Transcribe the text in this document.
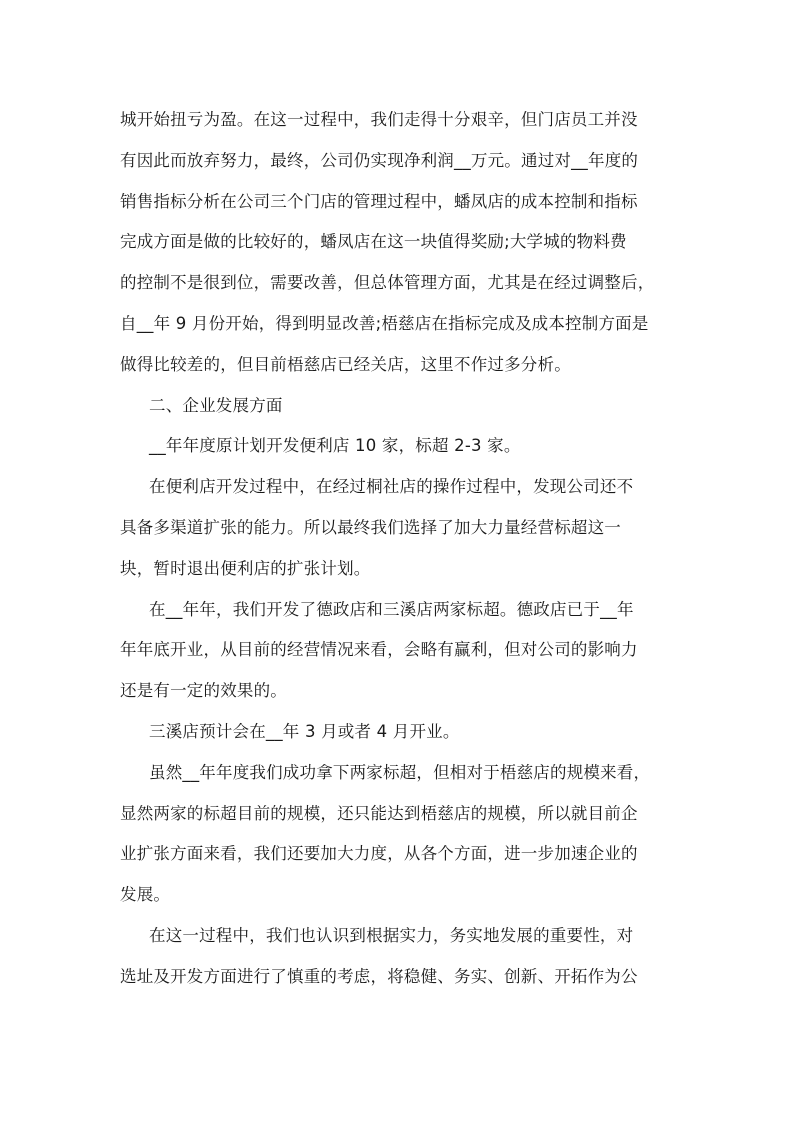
城开始扭亏为盈。在这一过程中，我们走得十分艰辛，但门店员工并没
有因此而放弃努力，最终，公司仍实现净利润__万元。通过对__年度的
销售指标分析在公司三个门店的管理过程中，蟠凤店的成本控制和指标
完成方面是做的比较好的，蟠凤店在这一块值得奖励;大学城的物料费
的控制不是很到位，需要改善，但总体管理方面，尤其是在经过调整后，
自__年 9 月份开始，得到明显改善;梧慈店在指标完成及成本控制方面是
做得比较差的，但目前梧慈店已经关店，这里不作过多分析。
二、企业发展方面
__年年度原计划开发便利店 10 家，标超 2-3 家。
在便利店开发过程中，在经过桐社店的操作过程中，发现公司还不
具备多渠道扩张的能力。所以最终我们选择了加大力量经营标超这一
块，暂时退出便利店的扩张计划。
在__年年，我们开发了德政店和三溪店两家标超。德政店已于__年
年年底开业，从目前的经营情况来看，会略有赢利，但对公司的影响力
还是有一定的效果的。
三溪店预计会在__年 3 月或者 4 月开业。
虽然__年年度我们成功拿下两家标超，但相对于梧慈店的规模来看，
显然两家的标超目前的规模，还只能达到梧慈店的规模，所以就目前企
业扩张方面来看，我们还要加大力度，从各个方面，进一步加速企业的
发展。
在这一过程中，我们也认识到根据实力，务实地发展的重要性，对
选址及开发方面进行了慎重的考虑，将稳健、务实、创新、开拓作为公
